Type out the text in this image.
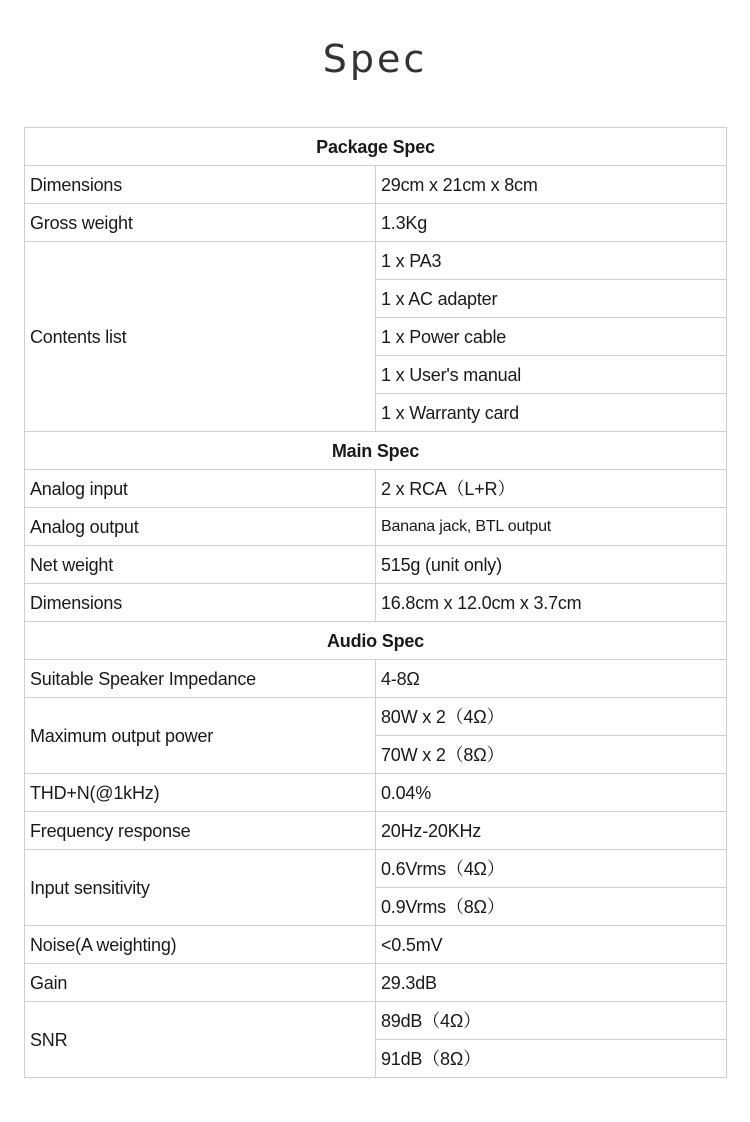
Spec
Package Spec	
Dimensions	29cm x 21cm x 8cm
Gross weight	1.3Kg
Contents list	1 x PA3
	1 x AC adapter
	1 x Power cable
	1 x User's manual
	1 x Warranty card
Main Spec	
Analog input	2 x RCA（L+R）
Analog output	Banana jack, BTL output
Net weight	515g (unit only)
Dimensions	16.8cm x 12.0cm x 3.7cm
Audio Spec	
Suitable Speaker Impedance	4-8Ω
Maximum output power	80W x 2（4Ω）
	70W x 2（8Ω）
THD+N(@1kHz)	0.04%
Frequency response	20Hz-20KHz
Input sensitivity	0.6Vrms（4Ω）
	0.9Vrms（8Ω）
Noise(A weighting)	<0.5mV
Gain	29.3dB
SNR	89dB（4Ω）
	91dB（8Ω）
